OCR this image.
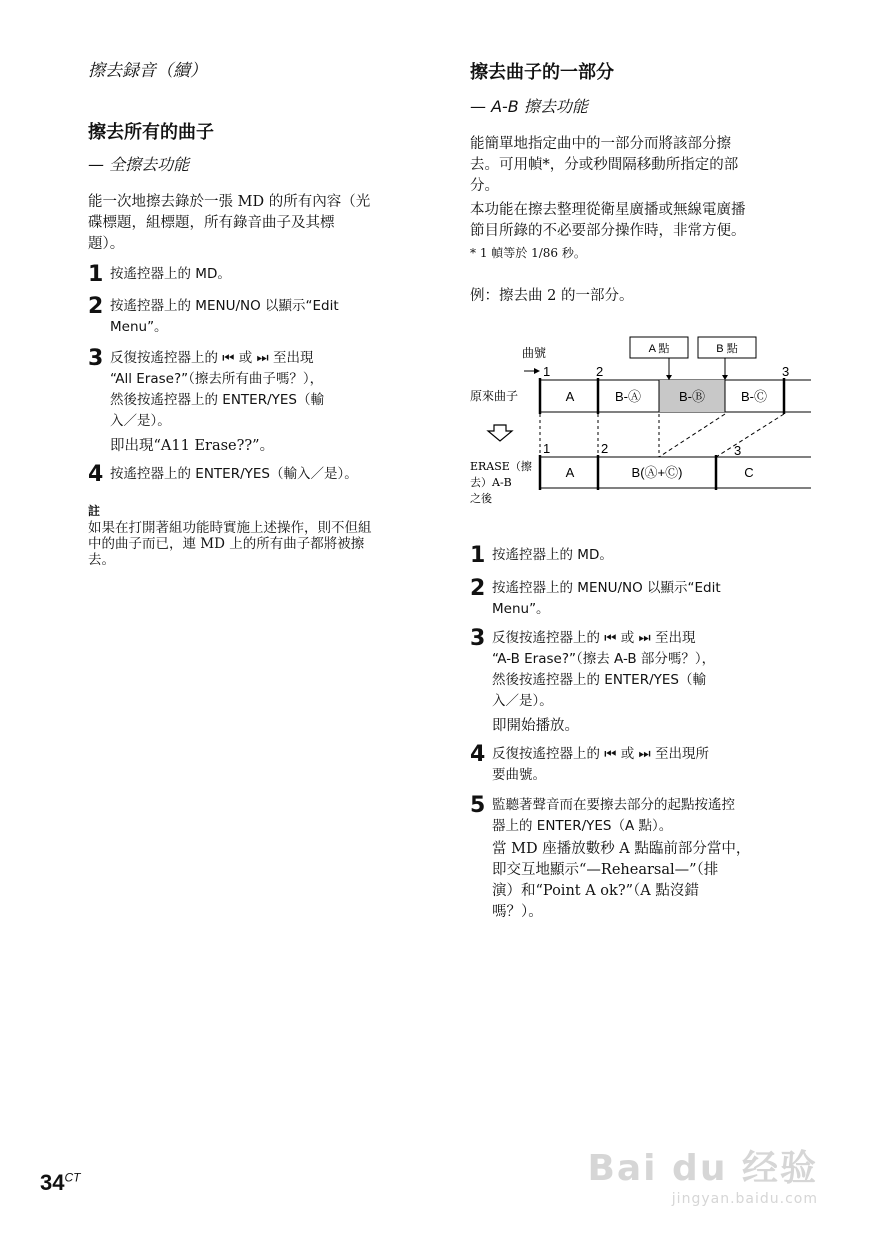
擦去録音（續）
擦去所有的曲子
— 全擦去功能
能一次地擦去錄於一張 MD 的所有內容（光
碟標題，組標題，所有錄音曲子及其標
題）。
1 按遙控器上的 MD。
2 按遙控器上的 MENU/NO 以顯示“Edit
Menu”。
3 反復按遙控器上的 ⏮ 或 ⏭ 至出現
“All Erase?”（擦去所有曲子嗎？），
然後按遙控器上的 ENTER/YES（輸
入／是）。
即出現“A11 Erase??”。
4 按遙控器上的 ENTER/YES（輸入／是）。
註
如果在打開著組功能時實施上述操作，則不但組
中的曲子而已，連 MD 上的所有曲子都將被擦
去。
擦去曲子的一部分
— A-B 擦去功能
能簡單地指定曲中的一部分而將該部分擦
去。可用幀*，分或秒間隔移動所指定的部
分。
本功能在擦去整理從衛星廣播或無線電廣播
節目所錄的不必要部分操作時，非常方便。
* 1 幀等於 1/86 秒。
例：擦去曲 2 的一部分。
曲號	A 點	B 點
1	2	3
原來曲子	A	B-Ⓐ	B-Ⓑ	B-Ⓒ
1	2	3
ERASE（擦
去）A-B
之後
A	B(Ⓐ+Ⓒ)	C
1 按遙控器上的 MD。
2 按遙控器上的 MENU/NO 以顯示“Edit
Menu”。
3 反復按遙控器上的 ⏮ 或 ⏭ 至出現
“A-B Erase?”（擦去 A-B 部分嗎？），
然後按遙控器上的 ENTER/YES（輸
入／是）。
即開始播放。
4 反復按遙控器上的 ⏮ 或 ⏭ 至出現所
要曲號。
5 監聽著聲音而在要擦去部分的起點按遙控
器上的 ENTER/YES（A 點）。
當 MD 座播放數秒 A 點臨前部分當中，
即交互地顯示“—Rehearsal—”（排
演）和“Point A ok?”（A 點沒錯
嗎？）。
$34^{CT}$	Bai du 经验
jingyan.baidu.com
